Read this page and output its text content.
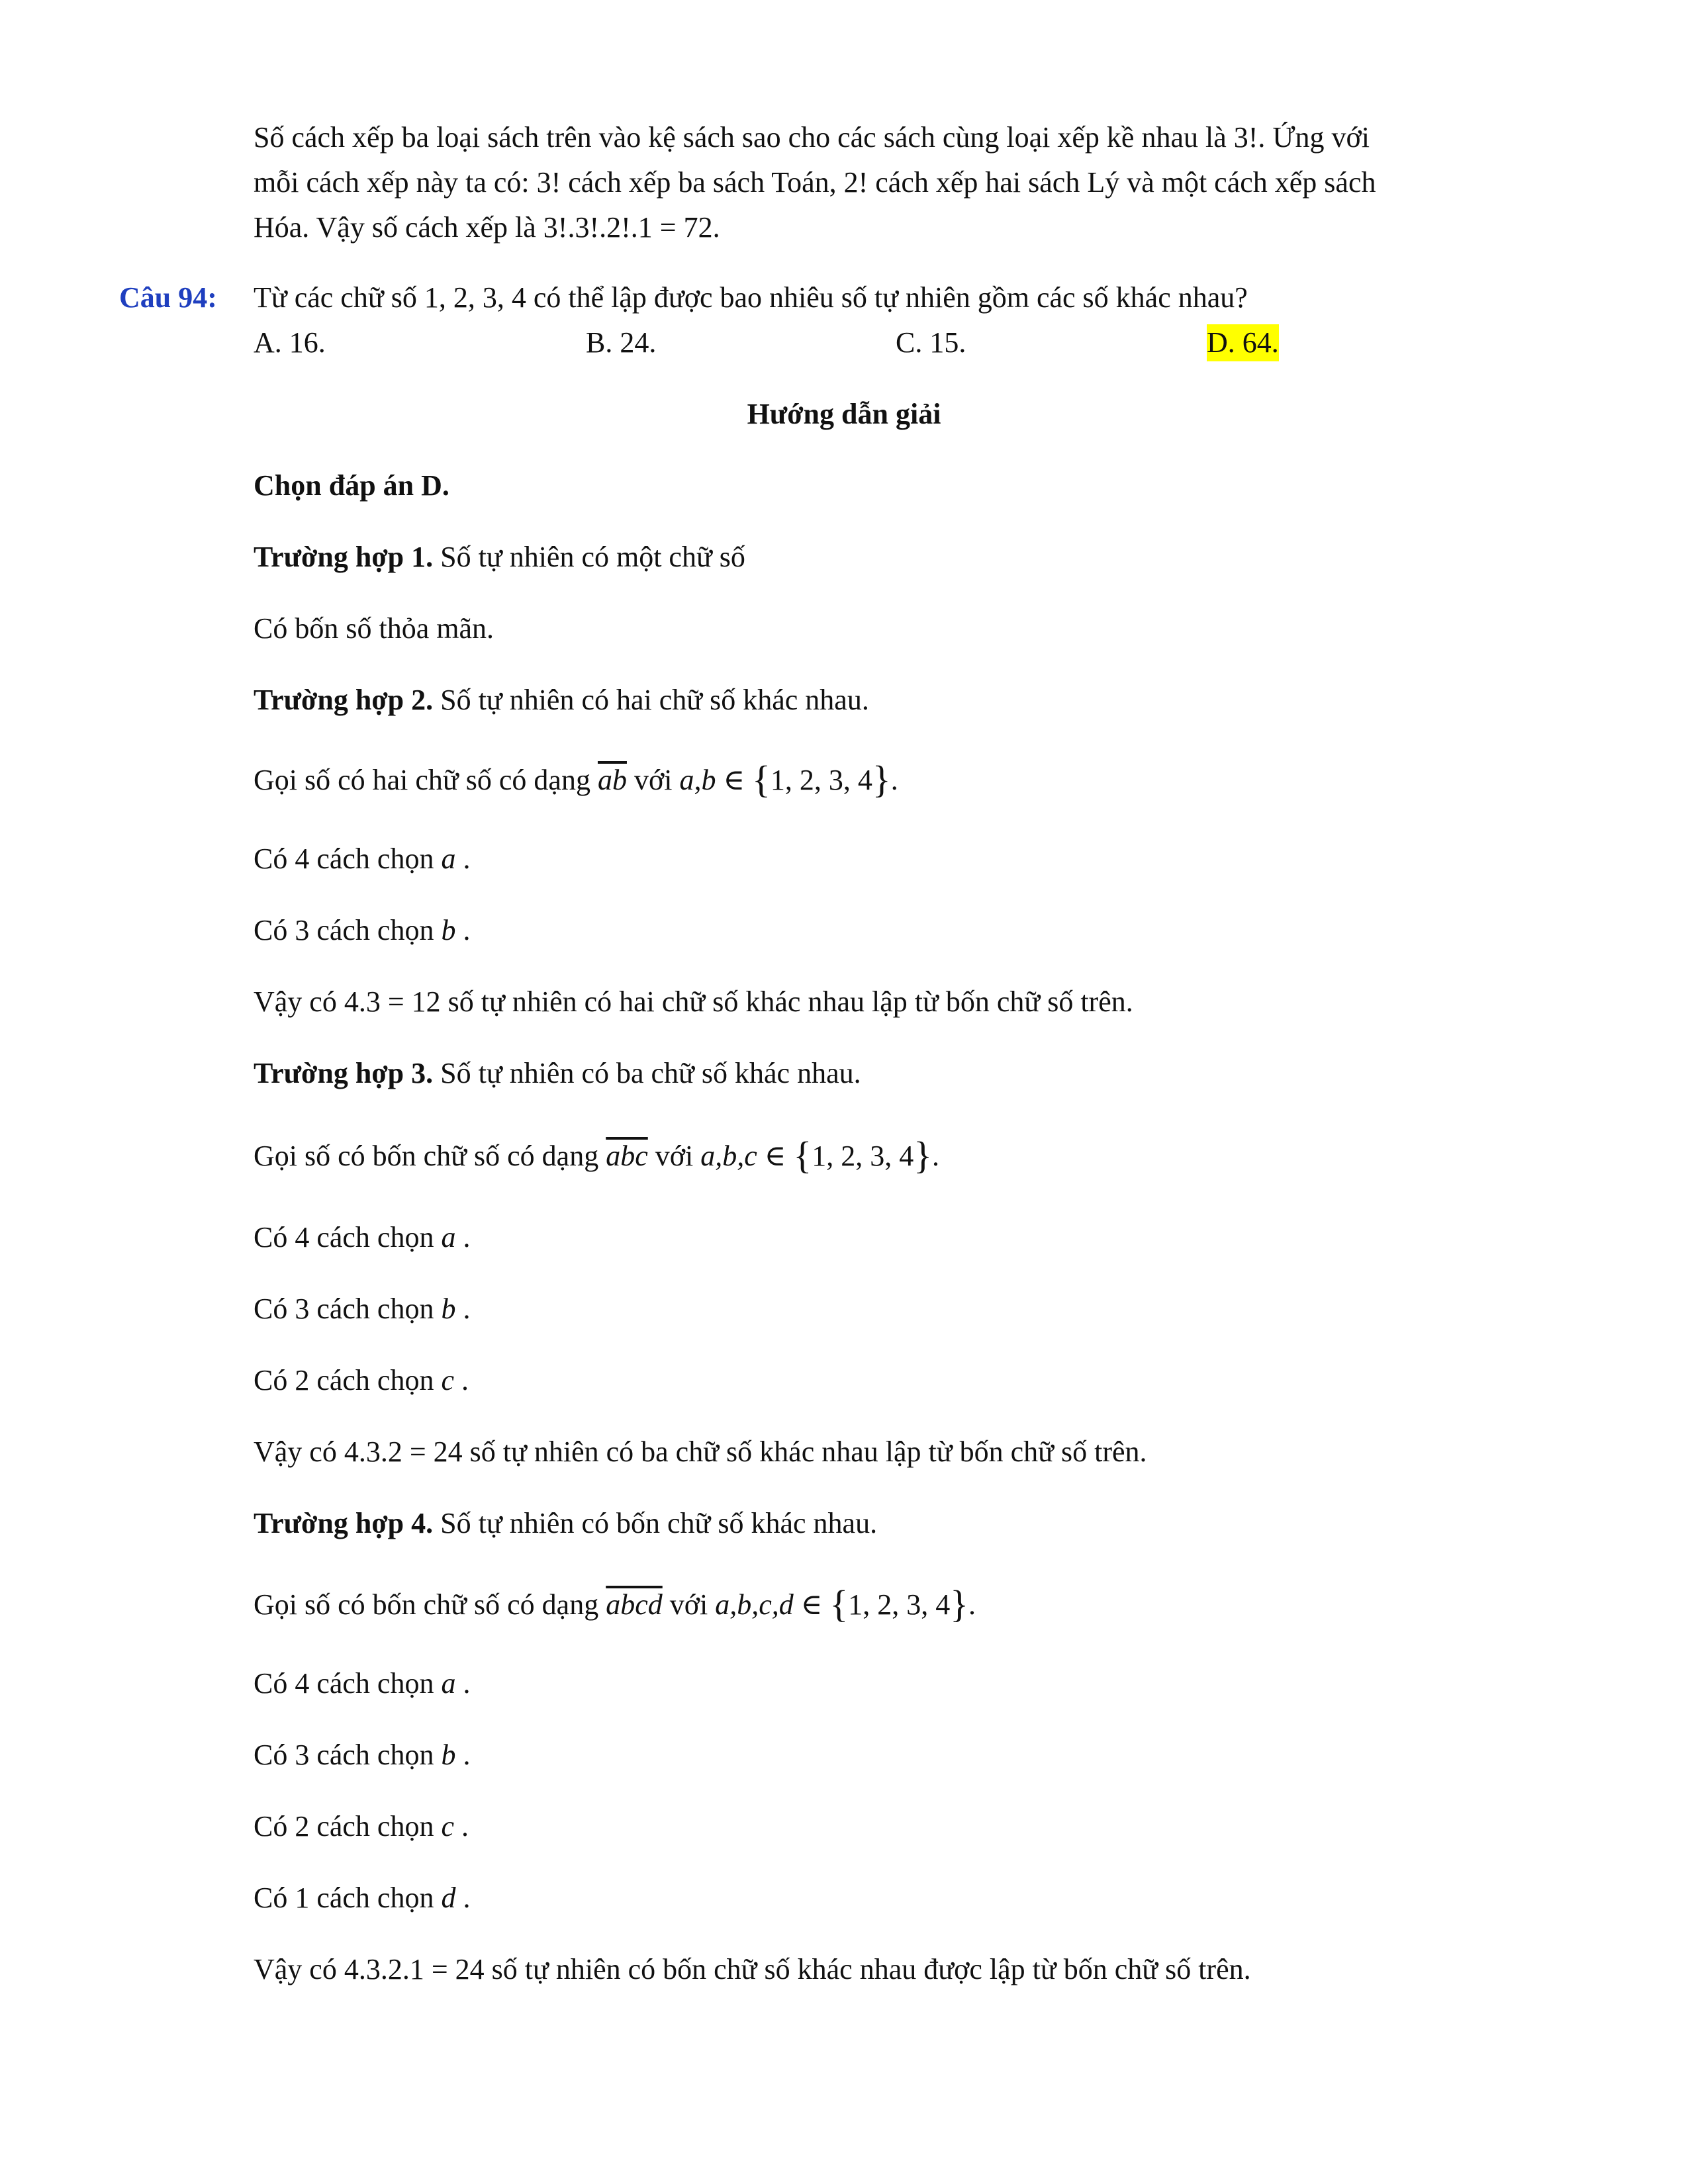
Số cách xếp ba loại sách trên vào kệ sách sao cho các sách cùng loại xếp kề nhau là 3!. Ứng với
mỗi cách xếp này ta có: 3! cách xếp ba sách Toán, 2! cách xếp hai sách Lý và một cách xếp sách
Hóa. Vậy số cách xếp là 3!.3!.2!.1 = 72.
Câu 94: Từ các chữ số 1, 2, 3, 4 có thể lập được bao nhiêu số tự nhiên gồm các số khác nhau?
A. 16.	B. 24.	C. 15.	D. 64.
Hướng dẫn giải
Chọn đáp án D.
Trường hợp 1. Số tự nhiên có một chữ số
Có bốn số thỏa mãn.
Trường hợp 2. Số tự nhiên có hai chữ số khác nhau.
Gọi số có hai chữ số có dạng $\overline{ab}$ với a,b ∈ {1, 2, 3, 4}.
Có 4 cách chọn a .
Có 3 cách chọn b .
Vậy có 4.3 = 12 số tự nhiên có hai chữ số khác nhau lập từ bốn chữ số trên.
Trường hợp 3. Số tự nhiên có ba chữ số khác nhau.
Gọi số có bốn chữ số có dạng $\overline{abc}$ với a,b,c ∈ {1, 2, 3, 4}.
Có 4 cách chọn a .
Có 3 cách chọn b .
Có 2 cách chọn c .
Vậy có 4.3.2 = 24 số tự nhiên có ba chữ số khác nhau lập từ bốn chữ số trên.
Trường hợp 4. Số tự nhiên có bốn chữ số khác nhau.
Gọi số có bốn chữ số có dạng abcd với a,b,c,d ∈ {1, 2, 3, 4}.
Có 4 cách chọn a .
Có 3 cách chọn b .
Có 2 cách chọn c .
Có 1 cách chọn d .
Vậy có 4.3.2.1 = 24 số tự nhiên có bốn chữ số khác nhau được lập từ bốn chữ số trên.
